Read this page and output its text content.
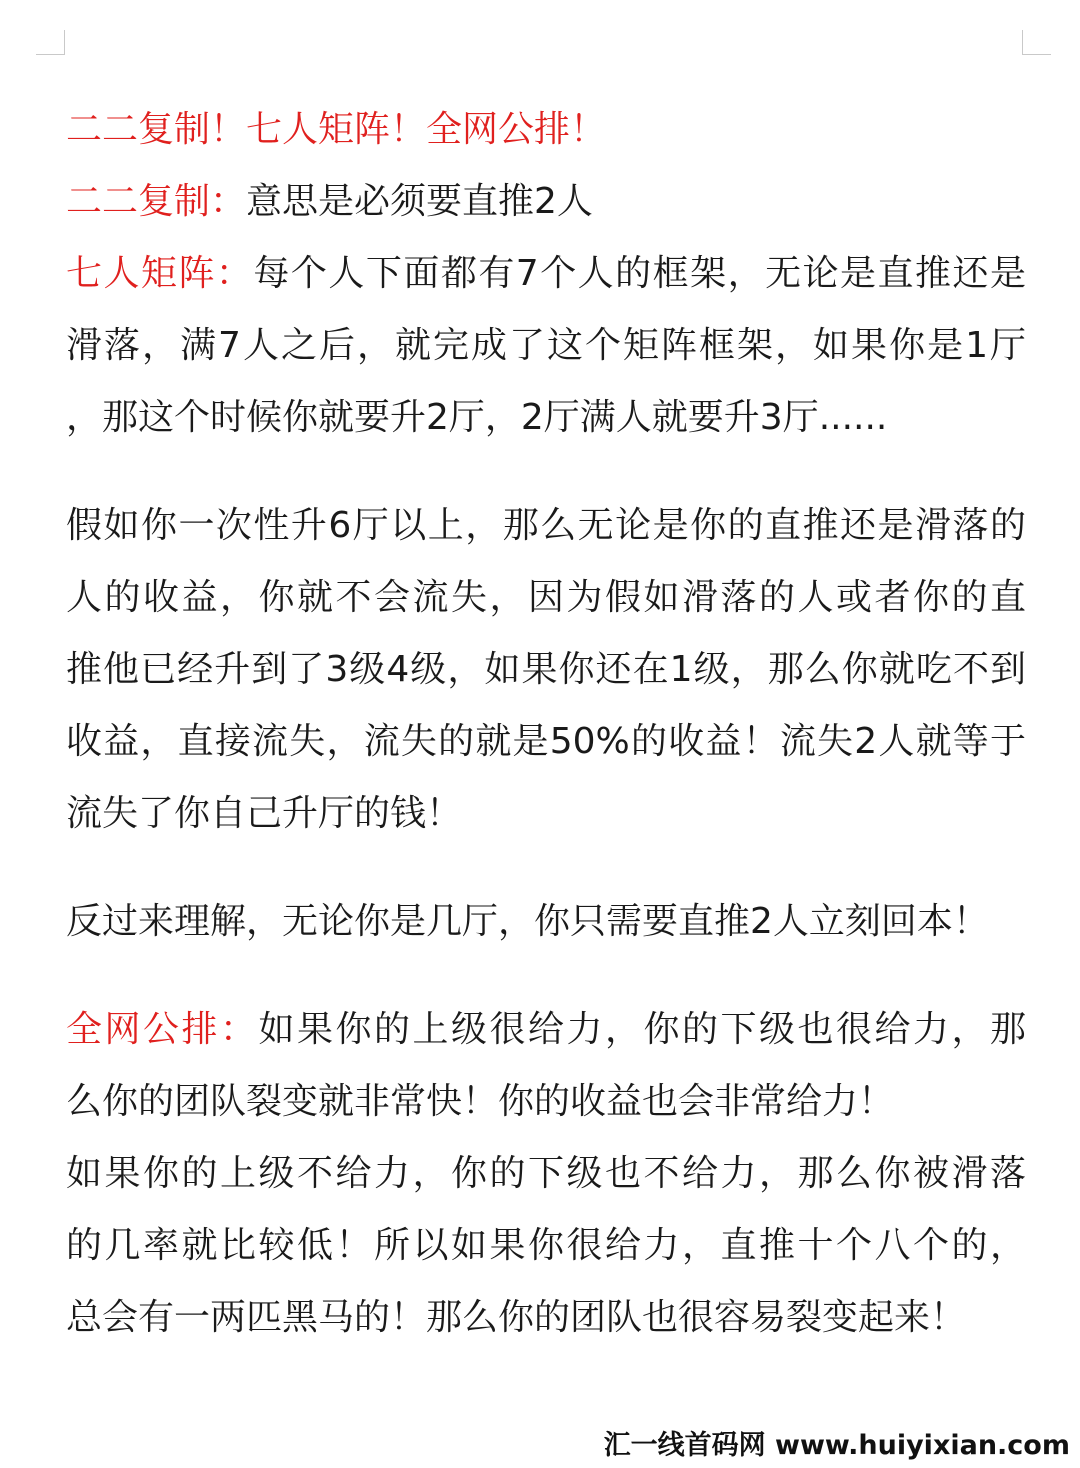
二二复制！七人矩阵！全网公排！
二二复制：意思是必须要直推2人
七人矩阵：每个人下面都有7个人的框架，无论是直推还是
滑落，满7人之后，就完成了这个矩阵框架，如果你是1厅
，那这个时候你就要升2厅，2厅满人就要升3厅......
假如你一次性升6厅以上，那么无论是你的直推还是滑落的
人的收益，你就不会流失，因为假如滑落的人或者你的直
推他已经升到了3级4级，如果你还在1级，那么你就吃不到
收益，直接流失，流失的就是50%的收益！流失2人就等于
流失了你自己升厅的钱！
反过来理解，无论你是几厅，你只需要直推2人立刻回本！
全网公排：如果你的上级很给力，你的下级也很给力，那
么你的团队裂变就非常快！你的收益也会非常给力！
如果你的上级不给力，你的下级也不给力，那么你被滑落
的几率就比较低！所以如果你很给力，直推十个八个的，
总会有一两匹黑马的！那么你的团队也很容易裂变起来！
汇一线首码网 www.huiyixian.com
